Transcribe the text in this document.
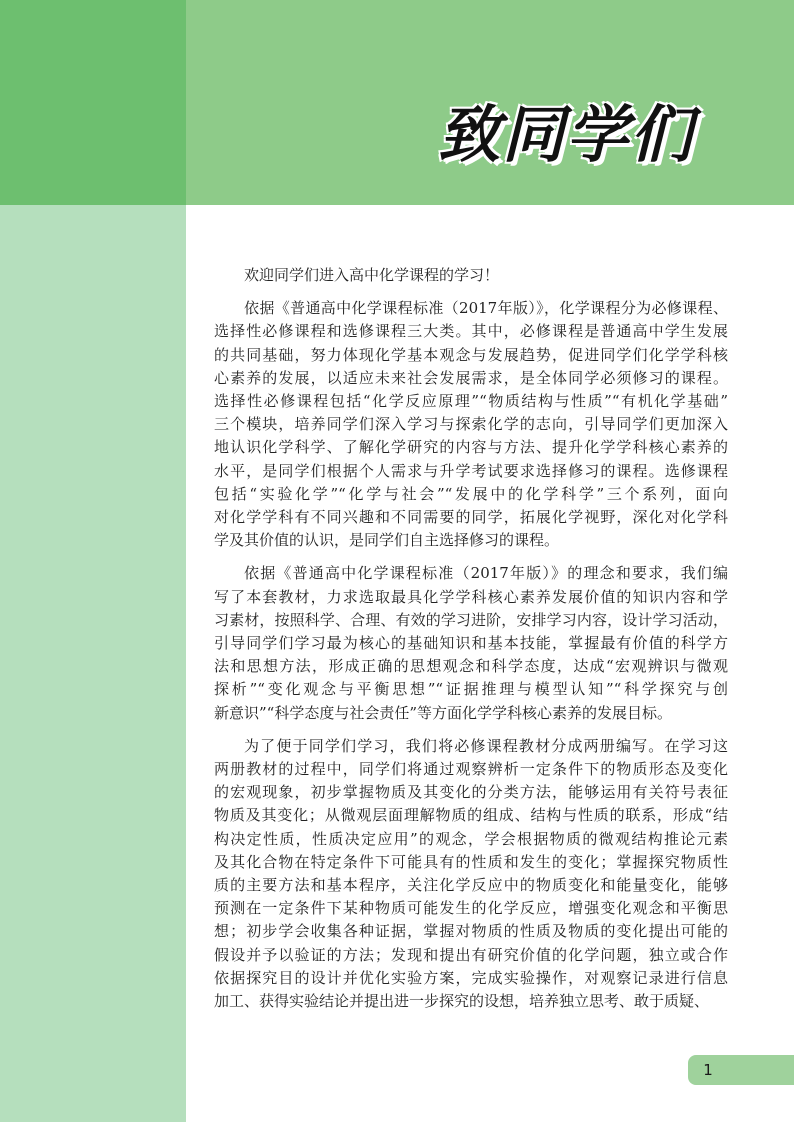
致同学们
欢迎同学们进入高中化学课程的学习！
依据《普通高中化学课程标准（2017年版）》，化学课程分为必修课程、
选择性必修课程和选修课程三大类。其中，必修课程是普通高中学生发展
的共同基础，努力体现化学基本观念与发展趋势，促进同学们化学学科核
心素养的发展，以适应未来社会发展需求，是全体同学必须修习的课程。
选择性必修课程包括“化学反应原理”“物质结构与性质”“有机化学基础”
三个模块，培养同学们深入学习与探索化学的志向，引导同学们更加深入
地认识化学科学、了解化学研究的内容与方法、提升化学学科核心素养的
水平，是同学们根据个人需求与升学考试要求选择修习的课程。选修课程
包括“实验化学”“化学与社会”“发展中的化学科学”三个系列，面向
对化学学科有不同兴趣和不同需要的同学，拓展化学视野，深化对化学科
学及其价值的认识，是同学们自主选择修习的课程。
依据《普通高中化学课程标准（2017年版）》的理念和要求，我们编
写了本套教材，力求选取最具化学学科核心素养发展价值的知识内容和学
习素材，按照科学、合理、有效的学习进阶，安排学习内容，设计学习活动，
引导同学们学习最为核心的基础知识和基本技能，掌握最有价值的科学方
法和思想方法，形成正确的思想观念和科学态度，达成“宏观辨识与微观
探析”“变化观念与平衡思想”“证据推理与模型认知”“科学探究与创
新意识”“科学态度与社会责任”等方面化学学科核心素养的发展目标。
为了便于同学们学习，我们将必修课程教材分成两册编写。在学习这
两册教材的过程中，同学们将通过观察辨析一定条件下的物质形态及变化
的宏观现象，初步掌握物质及其变化的分类方法，能够运用有关符号表征
物质及其变化；从微观层面理解物质的组成、结构与性质的联系，形成“结
构决定性质，性质决定应用”的观念，学会根据物质的微观结构推论元素
及其化合物在特定条件下可能具有的性质和发生的变化；掌握探究物质性
质的主要方法和基本程序，关注化学反应中的物质变化和能量变化，能够
预测在一定条件下某种物质可能发生的化学反应，增强变化观念和平衡思
想；初步学会收集各种证据，掌握对物质的性质及物质的变化提出可能的
假设并予以验证的方法；发现和提出有研究价值的化学问题，独立或合作
依据探究目的设计并优化实验方案，完成实验操作，对观察记录进行信息
加工、获得实验结论并提出进一步探究的设想，培养独立思考、敢于质疑、
1
